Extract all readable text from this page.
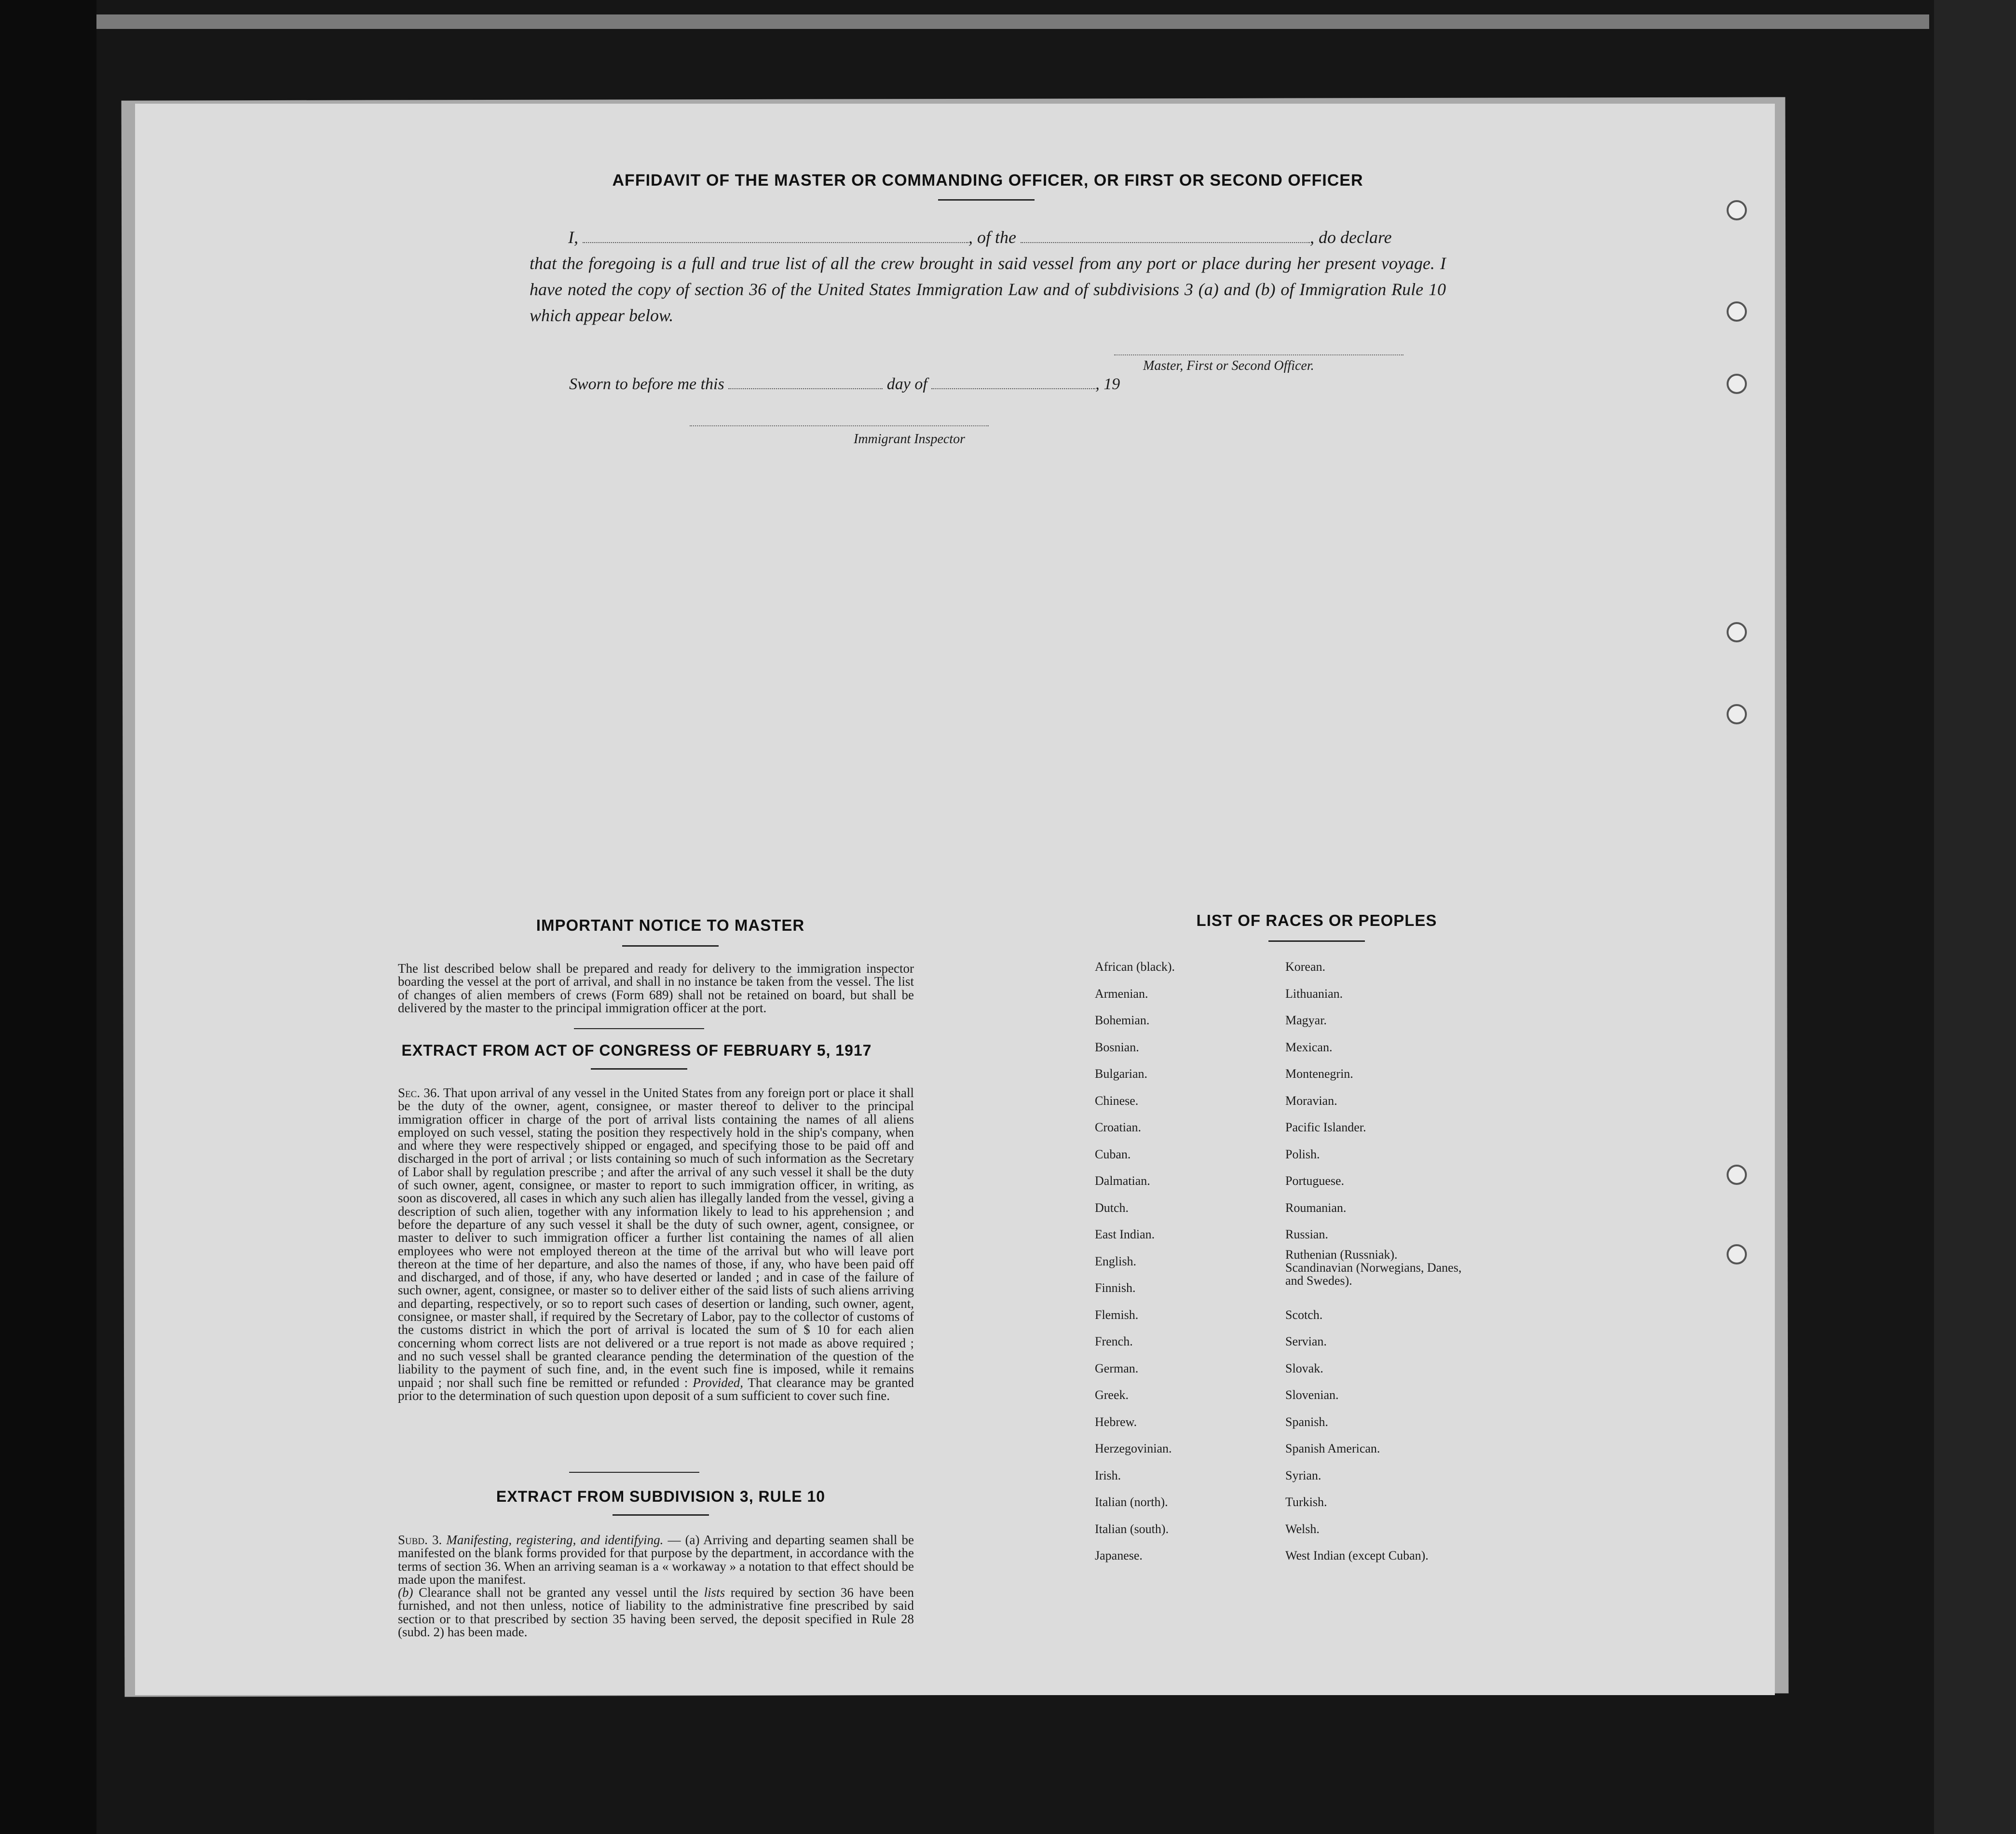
AFFIDAVIT OF THE MASTER OR COMMANDING OFFICER, OR FIRST OR SECOND OFFICER
I,	, of the	, do declare
that the foregoing is a full and true list of all the crew brought in said vessel from any port or place during her present voyage. I have noted the copy of section 36 of the United States Immigration Law and of subdivisions 3 (a) and (b) of Immigration Rule 10 which appear below.
Master, First or Second Officer.
Sworn to before me this	day of	, 19
Immigrant Inspector
IMPORTANT NOTICE TO MASTER
The list described below shall be prepared and ready for delivery to the immigration inspector boarding the vessel at the port of arrival, and shall in no instance be taken from the vessel. The list of changes of alien members of crews (Form 689) shall not be retained on board, but shall be delivered by the master to the principal immigration officer at the port.
EXTRACT FROM ACT OF CONGRESS OF FEBRUARY 5, 1917
Sec. 36. That upon arrival of any vessel in the United States from any foreign port or place it shall be the duty of the owner, agent, consignee, or master thereof to deliver to the principal immigration officer in charge of the port of arrival lists containing the names of all aliens employed on such vessel, stating the position they respectively hold in the ship's company, when and where they were respectively shipped or engaged, and specifying those to be paid off and discharged in the port of arrival ; or lists containing so much of such information as the Secretary of Labor shall by regulation prescribe ; and after the arrival of any such vessel it shall be the duty of such owner, agent, consignee, or master to report to such immigration officer, in writing, as soon as discovered, all cases in which any such alien has illegally landed from the vessel, giving a description of such alien, together with any information likely to lead to his apprehension ; and before the departure of any such vessel it shall be the duty of such owner, agent, consignee, or master to deliver to such immigration officer a further list containing the names of all alien employees who were not employed thereon at the time of the arrival but who will leave port thereon at the time of her departure, and also the names of those, if any, who have been paid off and discharged, and of those, if any, who have deserted or landed ; and in case of the failure of such owner, agent, consignee, or master so to deliver either of the said lists of such aliens arriving and departing, respectively, or so to report such cases of desertion or landing, such owner, agent, consignee, or master shall, if required by the Secretary of Labor, pay to the collector of customs of the customs district in which the port of arrival is located the sum of $ 10 for each alien concerning whom correct lists are not delivered or a true report is not made as above required ; and no such vessel shall be granted clearance pending the determination of the question of the liability to the payment of such fine, and, in the event such fine is imposed, while it remains unpaid ; nor shall such fine be remitted or refunded : Provided, That clearance may be granted prior to the determination of such question upon deposit of a sum sufficient to cover such fine.
EXTRACT FROM SUBDIVISION 3, RULE 10
Subd. 3. Manifesting, registering, and identifying. — (a) Arriving and departing seamen shall be manifested on the blank forms provided for that purpose by the department, in accordance with the terms of section 36. When an arriving seaman is a « workaway » a notation to that effect should be made upon the manifest.
(b) Clearance shall not be granted any vessel until the lists required by section 36 have been furnished, and not then unless, notice of liability to the administrative fine prescribed by said section or to that prescribed by section 35 having been served, the deposit specified in Rule 28 (subd. 2) has been made.
LIST OF RACES OR PEOPLES
African (black).
Armenian.
Bohemian.
Bosnian.
Bulgarian.
Chinese.
Croatian.
Cuban.
Dalmatian.
Dutch.
East Indian.
English.
Finnish.
Flemish.
French.
German.
Greek.
Hebrew.
Herzegovinian.
Irish.
Italian (north).
Italian (south).
Japanese.
Korean.
Lithuanian.
Magyar.
Mexican.
Montenegrin.
Moravian.
Pacific Islander.
Polish.
Portuguese.
Roumanian.
Russian.
Ruthenian (Russniak).
Scandinavian (Norwegians, Danes, and Swedes).
Scotch.
Servian.
Slovak.
Slovenian.
Spanish.
Spanish American.
Syrian.
Turkish.
Welsh.
West Indian (except Cuban).
